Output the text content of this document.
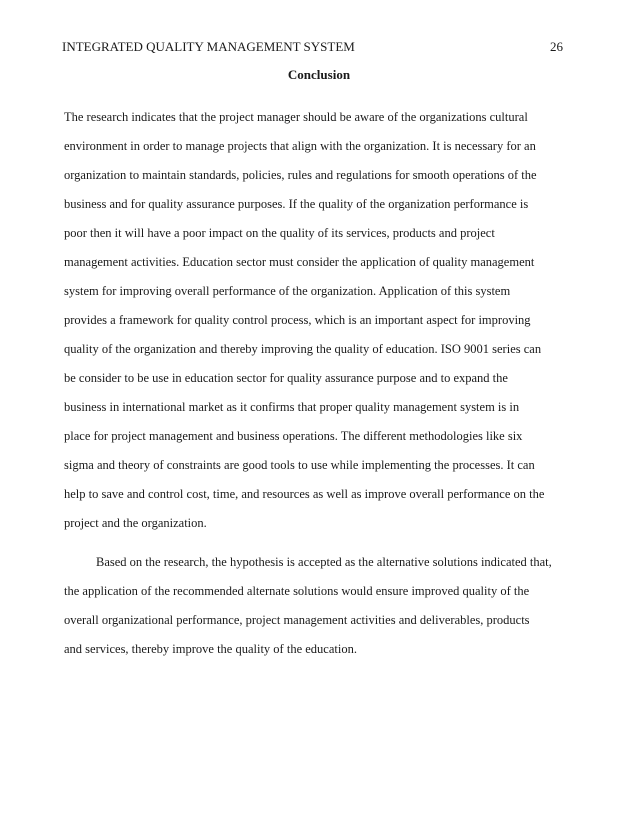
INTEGRATED QUALITY MANAGEMENT SYSTEM	26
Conclusion
The research indicates that the project manager should be aware of the organizations cultural
environment in order to manage projects that align with the organization. It is necessary for an
organization to maintain standards, policies, rules and regulations for smooth operations of the
business and for quality assurance purposes. If the quality of the organization performance is
poor then it will have a poor impact on the quality of its services, products and project
management activities. Education sector must consider the application of quality management
system for improving overall performance of the organization. Application of this system
provides a framework for quality control process, which is an important aspect for improving
quality of the organization and thereby improving the quality of education. ISO 9001 series can
be consider to be use in education sector for quality assurance purpose and to expand the
business in international market as it confirms that proper quality management system is in
place for project management and business operations. The different methodologies like six
sigma and theory of constraints are good tools to use while implementing the processes. It can
help to save and control cost, time, and resources as well as improve overall performance on the
project and the organization.
Based on the research, the hypothesis is accepted as the alternative solutions indicated that,
the application of the recommended alternate solutions would ensure improved quality of the
overall organizational performance, project management activities and deliverables, products
and services, thereby improve the quality of the education.
